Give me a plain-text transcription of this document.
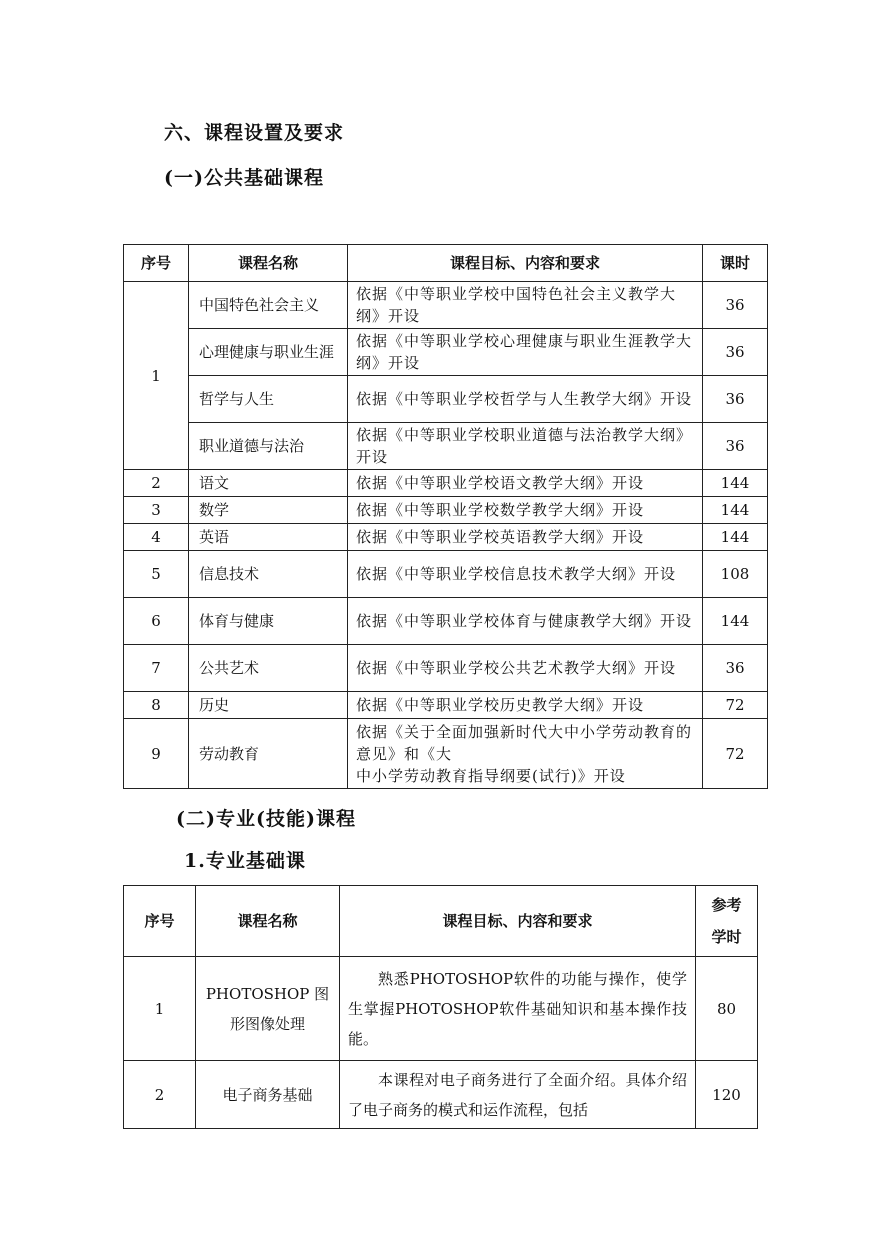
六、课程设置及要求
(一)公共基础课程
序号	课程名称	课程目标、内容和要求	课时
1	中国特色社会主义	依据《中等职业学校中国特色社会主义教学大纲》开设	36
	心理健康与职业生涯	依据《中等职业学校心理健康与职业生涯教学大纲》开设	36
	哲学与人生	依据《中等职业学校哲学与人生教学大纲》开设	36
	职业道德与法治	依据《中等职业学校职业道德与法治教学大纲》开设	36
2	语文	依据《中等职业学校语文教学大纲》开设	144
3	数学	依据《中等职业学校数学教学大纲》开设	144
4	英语	依据《中等职业学校英语教学大纲》开设	144
5	信息技术	依据《中等职业学校信息技术教学大纲》开设	108
6	体育与健康	依据《中等职业学校体育与健康教学大纲》开设	144
7	公共艺术	依据《中等职业学校公共艺术教学大纲》开设	36
8	历史	依据《中等职业学校历史教学大纲》开设	72
9	劳动教育	依据《关于全面加强新时代大中小学劳动教育的意见》和《大
中小学劳动教育指导纲要(试行)》开设	72
(二)专业(技能)课程
1.专业基础课
序号	课程名称	课程目标、内容和要求	参考
学时

1	PHOTOSHOP 图形图像处理	熟悉PHOTOSHOP软件的功能与操作，使学生掌握PHOTOSHOP软件基础知识和基本操作技能。	80
2	电子商务基础	本课程对电子商务进行了全面介绍。具体介绍了电子商务的模式和运作流程，包括	120
